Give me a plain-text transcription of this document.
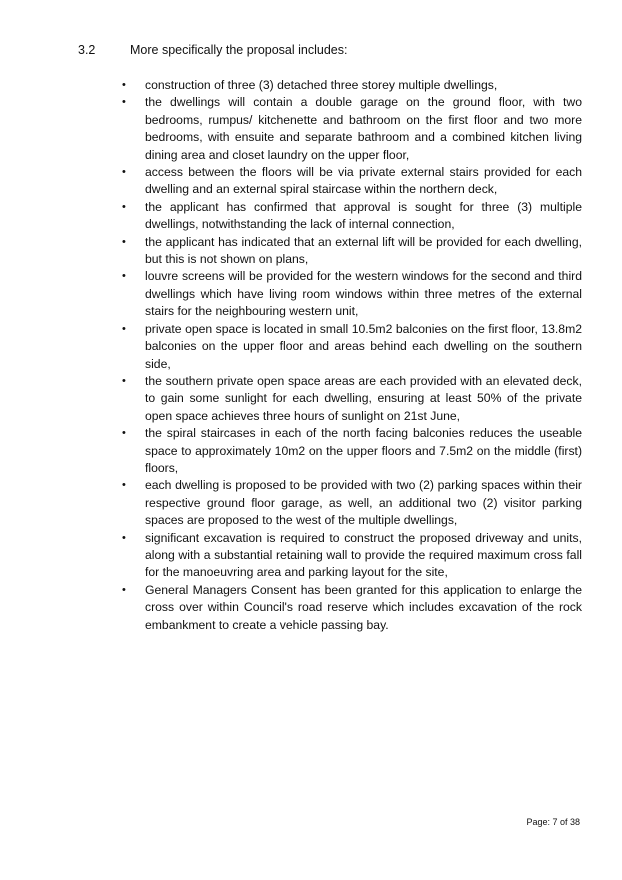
3.2	More specifically the proposal includes:
• construction of three (3) detached three storey multiple dwellings,
• the dwellings will contain a double garage on the ground floor, with two bedrooms, rumpus/ kitchenette and bathroom on the first floor and two more bedrooms, with ensuite and separate bathroom and a combined kitchen living dining area and closet laundry on the upper floor,
• access between the floors will be via private external stairs provided for each dwelling and an external spiral staircase within the northern deck,
• the applicant has confirmed that approval is sought for three (3) multiple dwellings, notwithstanding the lack of internal connection,
• the applicant has indicated that an external lift will be provided for each dwelling, but this is not shown on plans,
• louvre screens will be provided for the western windows for the second and third dwellings which have living room windows within three metres of the external stairs for the neighbouring western unit,
• private open space is located in small 10.5m2 balconies on the first floor, 13.8m2 balconies on the upper floor and areas behind each dwelling on the southern side,
• the southern private open space areas are each provided with an elevated deck, to gain some sunlight for each dwelling, ensuring at least 50% of the private open space achieves three hours of sunlight on 21st June,
• the spiral staircases in each of the north facing balconies reduces the useable space to approximately 10m2 on the upper floors and 7.5m2 on the middle (first) floors,
• each dwelling is proposed to be provided with two (2) parking spaces within their respective ground floor garage, as well, an additional two (2) visitor parking spaces are proposed to the west of the multiple dwellings,
• significant excavation is required to construct the proposed driveway and units, along with a substantial retaining wall to provide the required maximum cross fall for the manoeuvring area and parking layout for the site,
• General Managers Consent has been granted for this application to enlarge the cross over within Council's road reserve which includes excavation of the rock embankment to create a vehicle passing bay.
Page: 7 of 38
